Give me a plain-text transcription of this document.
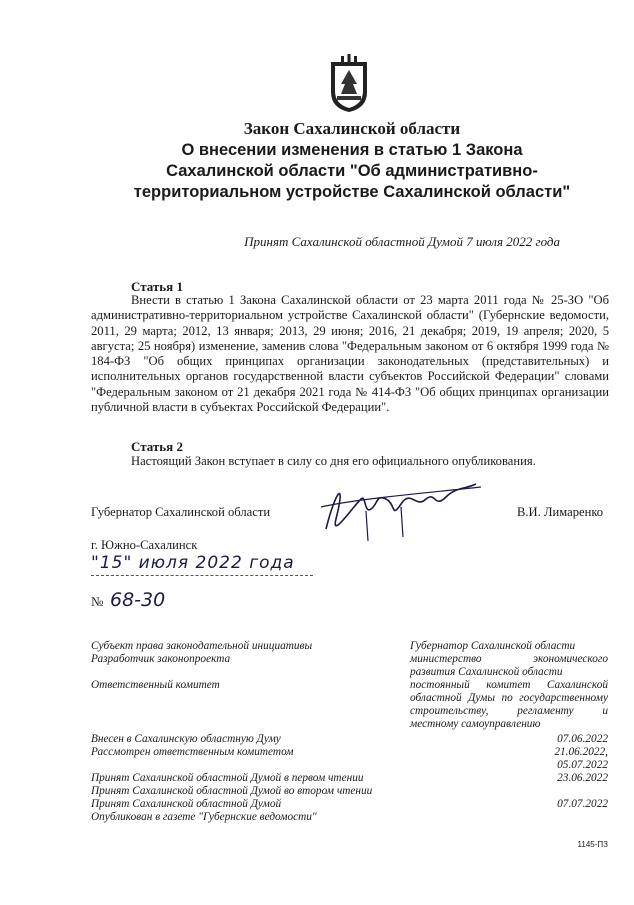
Закон Сахалинской области
О внесении изменения в статью 1 Закона
Сахалинской области "Об административно-
территориальном устройстве Сахалинской области"
Принят Сахалинской областной Думой 7 июля 2022 года
Статья 1
Внести в статью 1 Закона Сахалинской области от 23 марта 2011 года № 25-ЗО "Об административно-территориальном устройстве Сахалинской области" (Губернские ведомости, 2011, 29 марта; 2012, 13 января; 2013, 29 июня; 2016, 21 декабря; 2019, 19 апреля; 2020, 5 августа; 25 ноября) изменение, заменив слова "Федеральным законом от 6 октября 1999 года № 184-ФЗ "Об общих принципах организации законодательных (представительных) и исполнительных органов государственной власти субъектов Российской Федерации" словами "Федеральным законом от 21 декабря 2021 года № 414-ФЗ "Об общих принципах организации публичной власти в субъектах Российской Федерации".
Статья 2
Настоящий Закон вступает в силу со дня его официального опубликования.
Губернатор Сахалинской области	В.И. Лимаренко
г. Южно-Сахалинск
"15" июля 2022 года
№ 68-30
Субъект права законодательной инициативы
Разработчик законопроекта
Ответственный комитет
Внесен в Сахалинскую областную Думу
Рассмотрен ответственным комитетом
Принят Сахалинской областной Думой в первом чтении
Принят Сахалинской областной Думой во втором чтении
Принят Сахалинской областной Думой
Опубликован в газете "Губернские ведомости"
Губернатор Сахалинской области
министерство экономического
развития Сахалинской области
постоянный комитет Сахалинской
областной Думы по государственному
строительству, регламенту и
местному самоуправлению
07.06.2022
21.06.2022,
05.07.2022
23.06.2022
07.07.2022
1145-ПЗ
